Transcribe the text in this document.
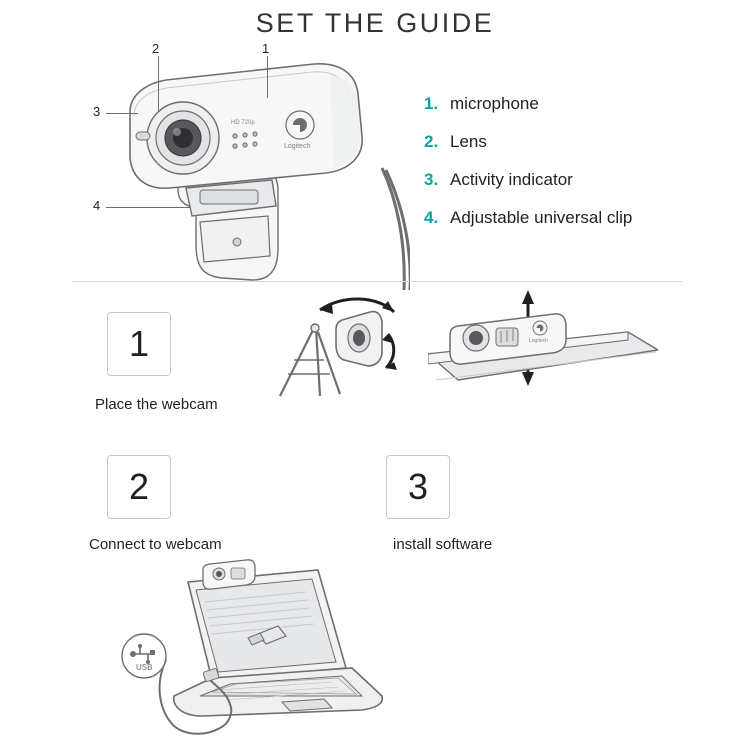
SET THE GUIDE
HD 720p
Logitech
2	1
3
4
1. microphone
2. Lens
3. Activity indicator
4. Adjustable universal clip
1
Place the webcam
Logitech
2
Connect to webcam
3
install software
USB
